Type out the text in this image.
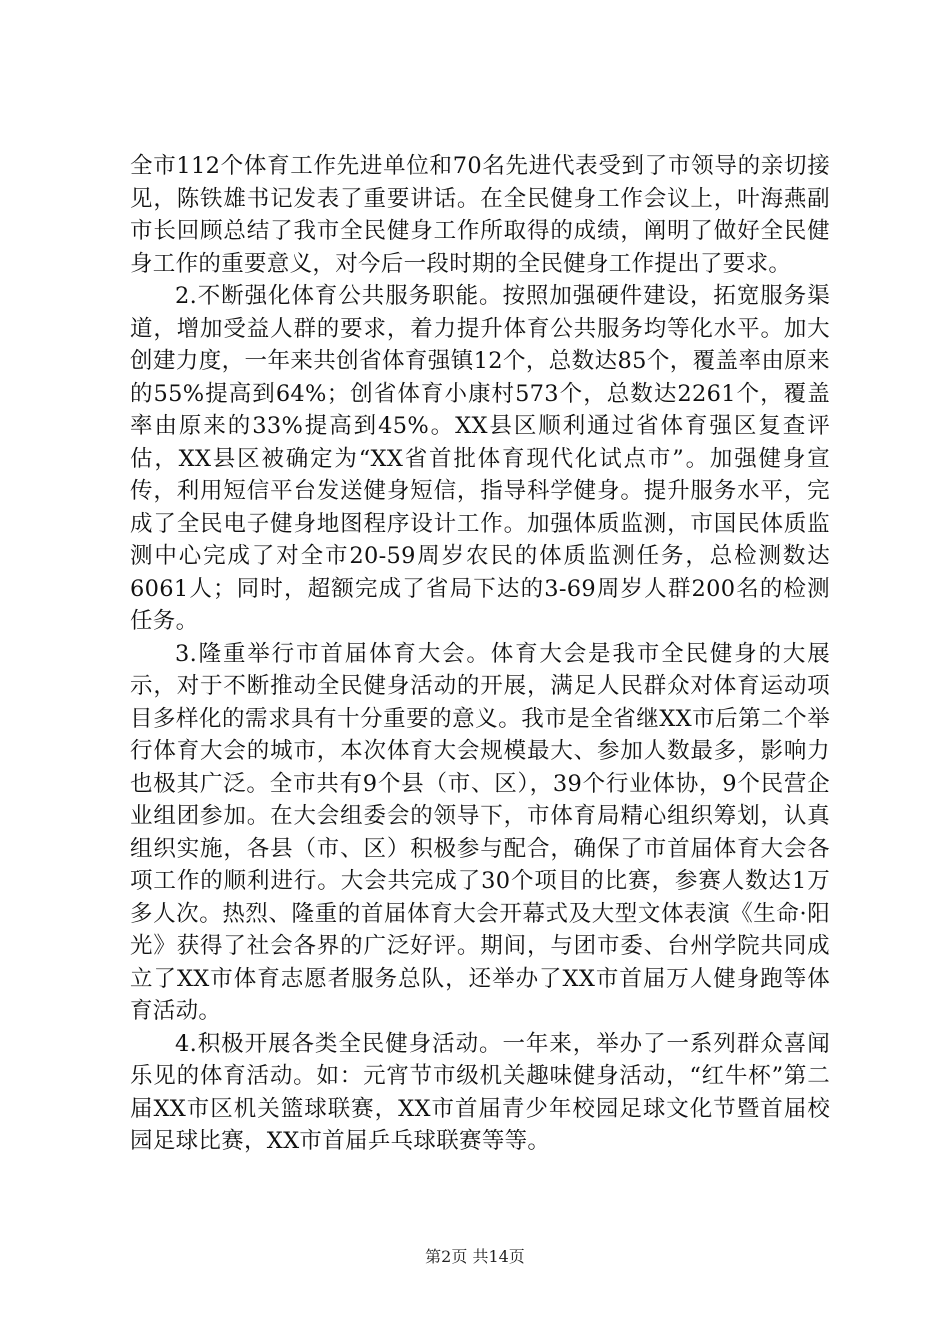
全市112个体育工作先进单位和70名先进代表受到了市领导的亲切接见，陈铁雄书记发表了重要讲话。在全民健身工作会议上，叶海燕副市长回顾总结了我市全民健身工作所取得的成绩，阐明了做好全民健身工作的重要意义，对今后一段时期的全民健身工作提出了要求。

2.不断强化体育公共服务职能。按照加强硬件建设，拓宽服务渠道，增加受益人群的要求，着力提升体育公共服务均等化水平。加大创建力度，一年来共创省体育强镇12个，总数达85个，覆盖率由原来的55%提高到64%；创省体育小康村573个，总数达2261个，覆盖率由原来的33%提高到45%。XX县区顺利通过省体育强区复查评估，XX县区被确定为“XX省首批体育现代化试点市”。加强健身宣传，利用短信平台发送健身短信，指导科学健身。提升服务水平，完成了全民电子健身地图程序设计工作。加强体质监测，市国民体质监测中心完成了对全市20-59周岁农民的体质监测任务，总检测数达6061人；同时，超额完成了省局下达的3-69周岁人群200名的检测任务。

3.隆重举行市首届体育大会。体育大会是我市全民健身的大展示，对于不断推动全民健身活动的开展，满足人民群众对体育运动项目多样化的需求具有十分重要的意义。我市是全省继XX市后第二个举行体育大会的城市，本次体育大会规模最大、参加人数最多，影响力也极其广泛。全市共有9个县（市、区），39个行业体协，9个民营企业组团参加。在大会组委会的领导下，市体育局精心组织筹划，认真组织实施，各县（市、区）积极参与配合，确保了市首届体育大会各项工作的顺利进行。大会共完成了30个项目的比赛，参赛人数达1万多人次。热烈、隆重的首届体育大会开幕式及大型文体表演《生命·阳光》获得了社会各界的广泛好评。期间，与团市委、台州学院共同成立了XX市体育志愿者服务总队，还举办了XX市首届万人健身跑等体育活动。

4.积极开展各类全民健身活动。一年来，举办了一系列群众喜闻乐见的体育活动。如：元宵节市级机关趣味健身活动，“红牛杯”第二届XX市区机关篮球联赛，XX市首届青少年校园足球文化节暨首届校园足球比赛，XX市首届乒乓球联赛等等。

第2页 共14页
